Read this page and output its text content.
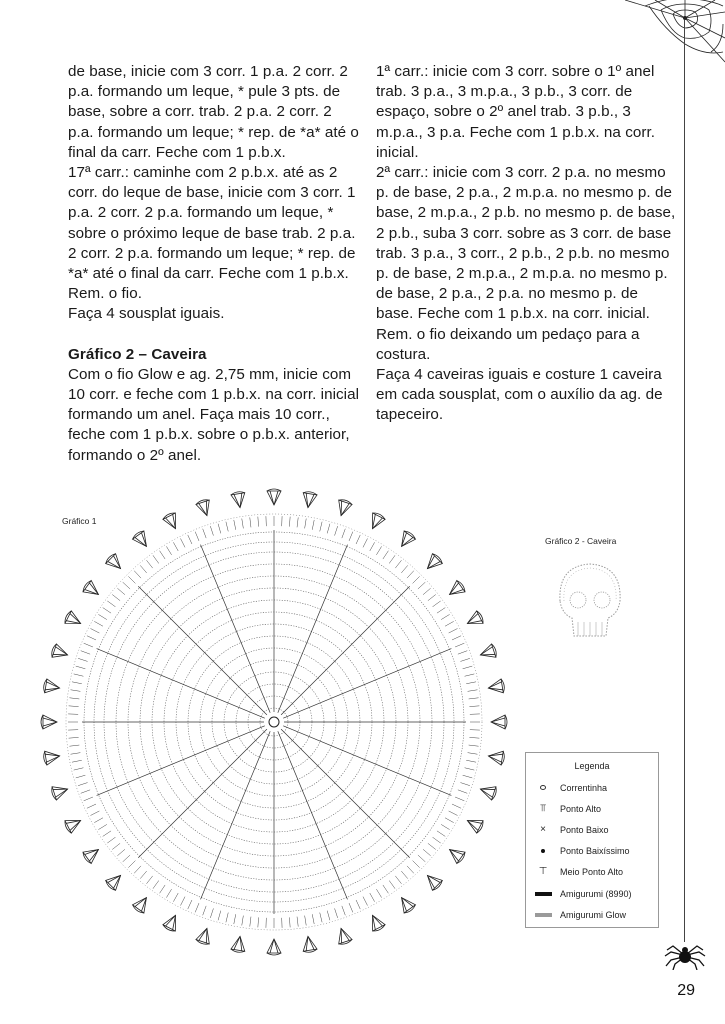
de base, inicie com 3 corr. 1 p.a. 2 corr. 2 p.a. formando um leque, * pule 3 pts. de base, sobre a corr. trab. 2 p.a. 2 corr. 2 p.a. formando um leque; * rep. de *a* até o final da carr. Feche com 1 p.b.x.

17ª carr.: caminhe com 2 p.b.x. até as 2 corr. do leque de base, inicie com 3 corr. 1 p.a. 2 corr. 2 p.a. formando um leque, * sobre o próximo leque de base trab. 2 p.a. 2 corr. 2 p.a. formando um leque; * rep. de *a* até o final da carr. Feche com 1 p.b.x. Rem. o fio.

Faça 4 sousplat iguais.

Gráfico 2 – Caveira

Com o fio Glow e ag. 2,75 mm, inicie com 10 corr. e feche com 1 p.b.x. na corr. inicial formando um anel. Faça mais 10 corr., feche com 1 p.b.x. sobre o p.b.x. anterior, formando o 2º anel.

1ª carr.: inicie com 3 corr. sobre o 1º anel trab. 3 p.a., 3 m.p.a., 3 p.b., 3 corr. de espaço, sobre o 2º anel trab. 3 p.b., 3 m.p.a., 3 p.a. Feche com 1 p.b.x. na corr. inicial.

2ª carr.: inicie com 3 corr. 2 p.a. no mesmo p. de base, 2 p.a., 2 m.p.a. no mesmo p. de base, 2 m.p.a., 2 p.b. no mesmo p. de base, 2 p.b., suba 3 corr. sobre as 3 corr. de base trab. 3 p.a., 3 corr., 2 p.b., 2 p.b. no mesmo p. de base, 2 m.p.a., 2 m.p.a. no mesmo p. de base, 2 p.a., 2 p.a. no mesmo p. de base. Feche com 1 p.b.x. na corr. inicial. Rem. o fio deixando um pedaço para a costura.

Faça 4 caveiras iguais e costure 1 caveira em cada sousplat, com o auxílio da ag. de tapeceiro.

Gráfico 1
Gráfico 2 - Caveira
Legenda
Correntinha
⫪ Ponto Alto
× Ponto Baixo
Ponto Baixíssimo
⊤ Meio Ponto Alto
Amigurumi (8990)
Amigurumi Glow
29
